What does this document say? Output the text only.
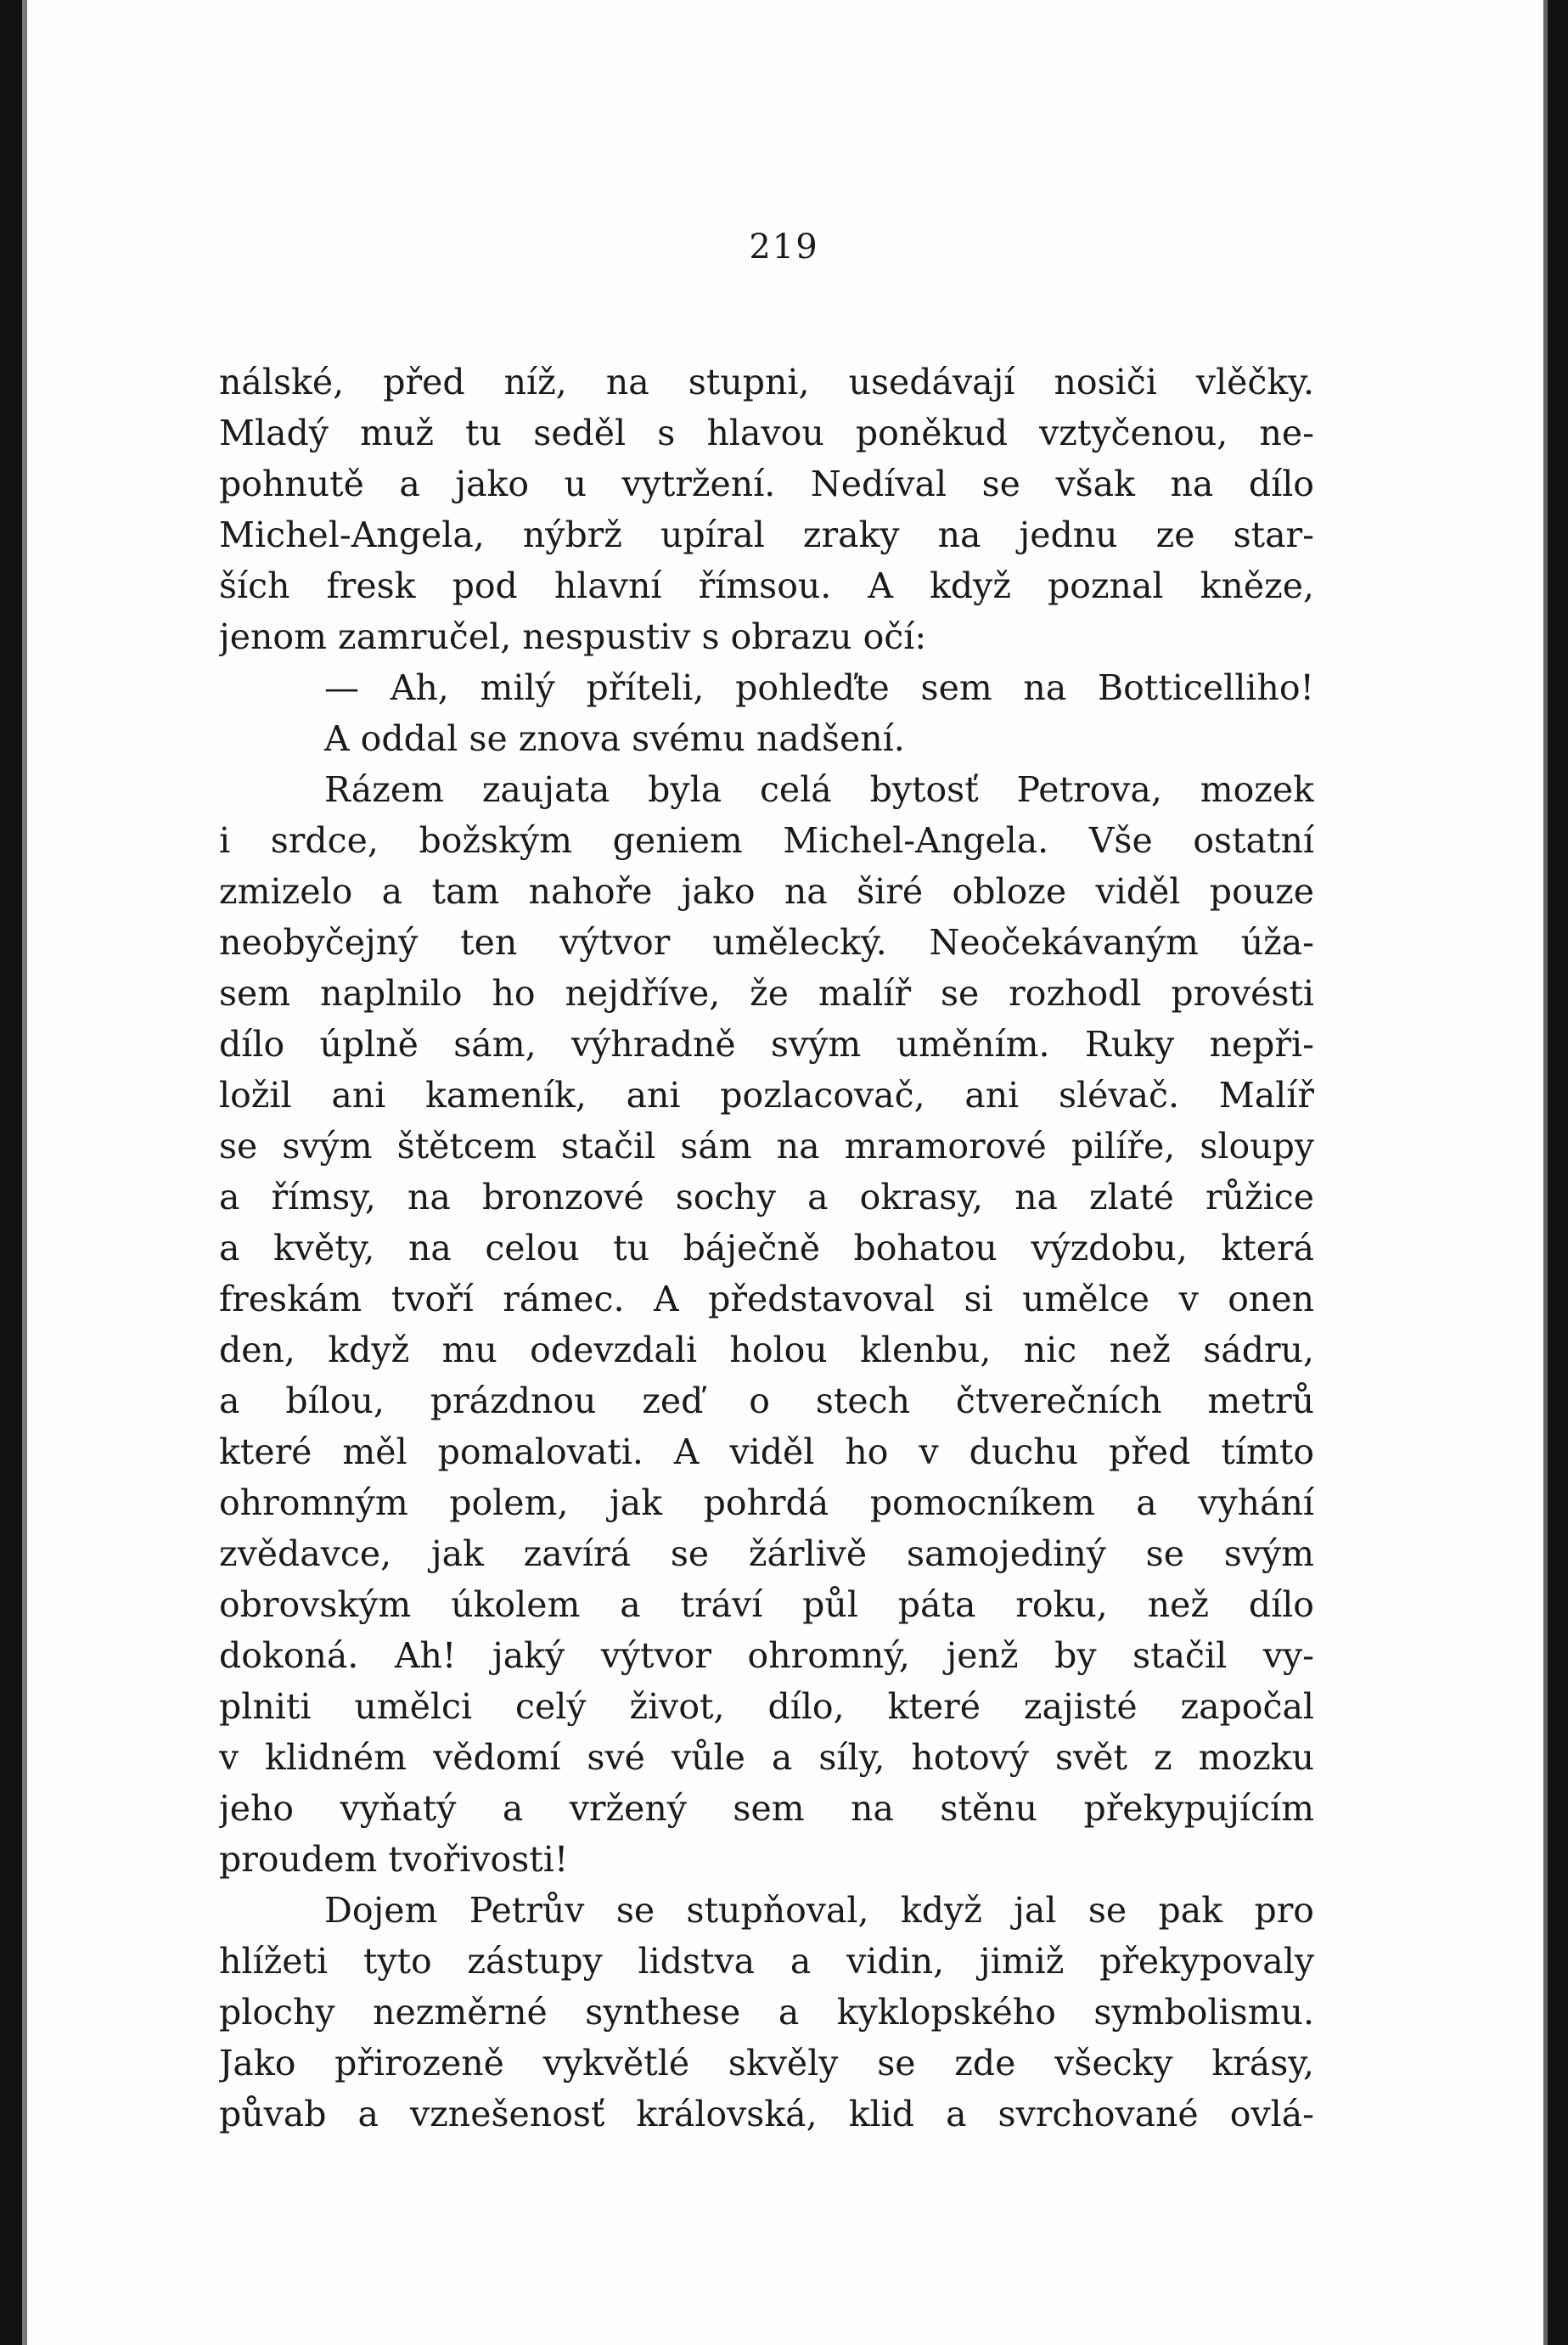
219
nálské, před níž, na stupni, usedávají nosiči vlěčky.
Mladý muž tu seděl s hlavou poněkud vztyčenou, ne-
pohnutě a jako u vytržení. Nedíval se však na dílo
Michel-Angela, nýbrž upíral zraky na jednu ze star-
ších fresk pod hlavní římsou. A když poznal kněze,
jenom zamručel, nespustiv s obrazu očí:
— Ah, milý příteli, pohleďte sem na Botticelliho!
A oddal se znova svému nadšení.
Rázem zaujata byla celá bytosť Petrova, mozek
i srdce, božským geniem Michel-Angela. Vše ostatní
zmizelo a tam nahoře jako na širé obloze viděl pouze
neobyčejný ten výtvor umělecký. Neočekávaným úža-
sem naplnilo ho nejdříve, že malíř se rozhodl provésti
dílo úplně sám, výhradně svým uměním. Ruky nepři-
ložil ani kameník, ani pozlacovač, ani slévač. Malíř
se svým štětcem stačil sám na mramorové pilíře, sloupy
a římsy, na bronzové sochy a okrasy, na zlaté růžice
a květy, na celou tu báječně bohatou výzdobu, která
freskám tvoří rámec. A představoval si umělce v onen
den, když mu odevzdali holou klenbu, nic než sádru,
a bílou, prázdnou zeď o stech čtverečních metrů
které měl pomalovati. A viděl ho v duchu před tímto
ohromným polem, jak pohrdá pomocníkem a vyhání
zvědavce, jak zavírá se žárlivě samojediný se svým
obrovským úkolem a tráví půl páta roku, než dílo
dokoná. Ah! jaký výtvor ohromný, jenž by stačil vy-
plniti umělci celý život, dílo, které zajisté započal
v klidném vědomí své vůle a síly, hotový svět z mozku
jeho vyňatý a vržený sem na stěnu překypujícím
proudem tvořivosti!
Dojem Petrův se stupňoval, když jal se pak pro
hlížeti tyto zástupy lidstva a vidin, jimiž překypovaly
plochy nezměrné synthese a kyklopského symbolismu.
Jako přirozeně vykvětlé skvěly se zde všecky krásy,
půvab a vznešenosť královská, klid a svrchované ovlá-
